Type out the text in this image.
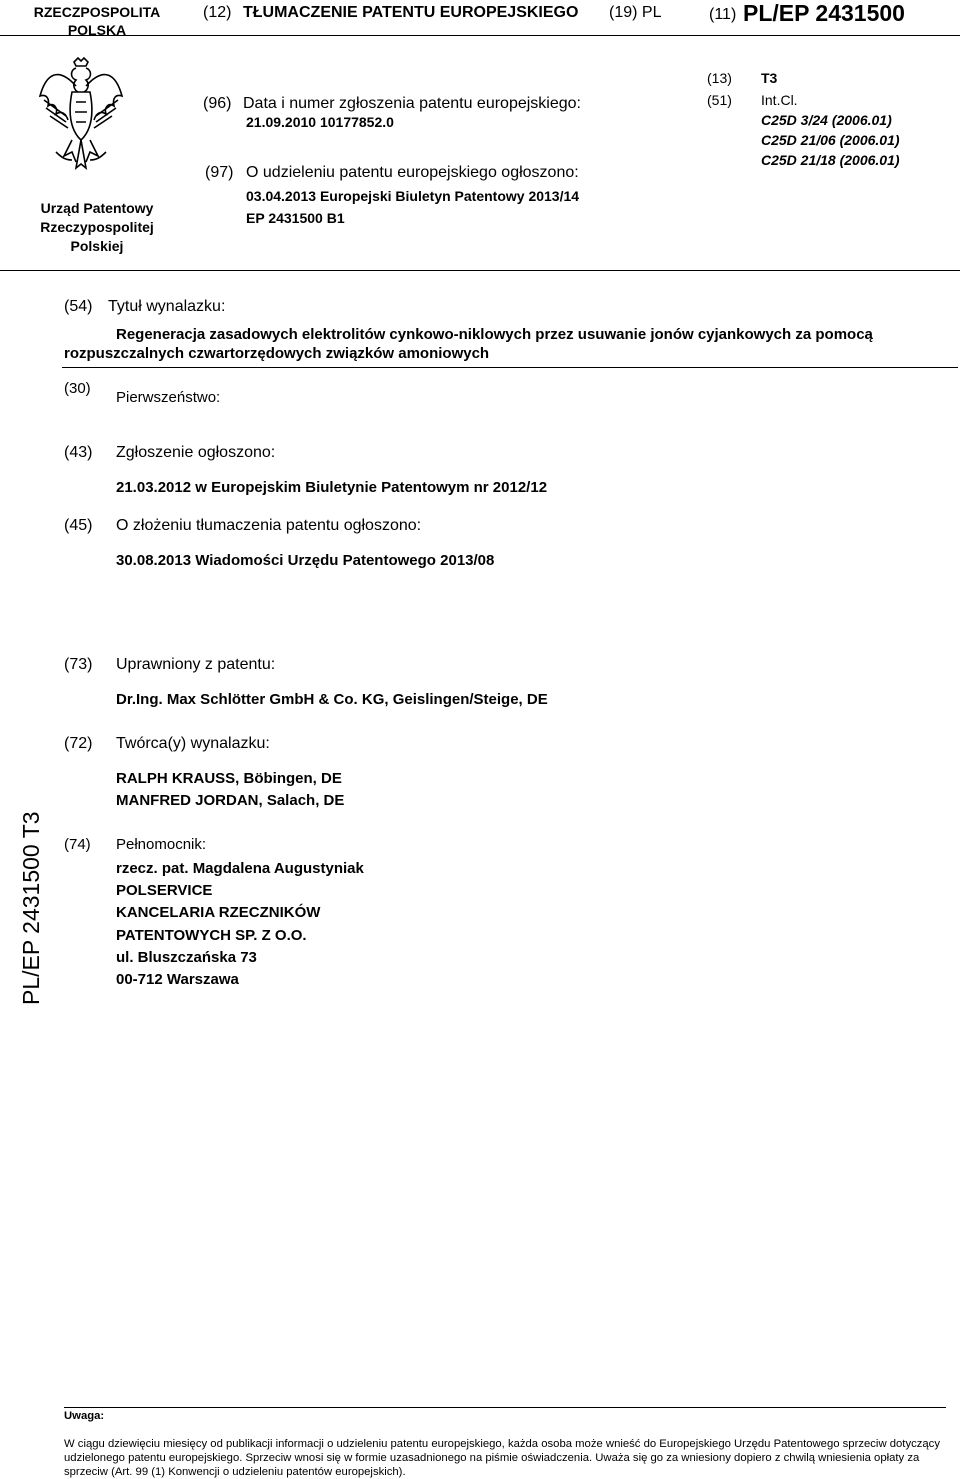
RZECZPOSPOLITA POLSKA
(12) TŁUMACZENIE PATENTU EUROPEJSKIEGO (19) PL	(11) PL/EP 2431500
Urząd Patentowy
Rzeczypospolitej
Polskiej
(96) Data i numer zgłoszenia patentu europejskiego:
21.09.2010 10177852.0
(97) O udzieleniu patentu europejskiego ogłoszono:
03.04.2013 Europejski Biuletyn Patentowy 2013/14
EP 2431500 B1
(13) T3
(51) Int.Cl.
C25D 3/24 (2006.01)
C25D 21/06 (2006.01)
C25D 21/18 (2006.01)
(54) Tytuł wynalazku:
Regeneracja zasadowych elektrolitów cynkowo-niklowych przez usuwanie jonów cyjankowych za pomocą
rozpuszczalnych czwartorzędowych związków amoniowych
(30)
Pierwszeństwo:
(43) Zgłoszenie ogłoszono:
21.03.2012 w Europejskim Biuletynie Patentowym nr 2012/12
(45) O złożeniu tłumaczenia patentu ogłoszono:
30.08.2013 Wiadomości Urzędu Patentowego 2013/08
(73) Uprawniony z patentu:
Dr.Ing. Max Schlötter GmbH & Co. KG, Geislingen/Steige, DE
(72) Twórca(y) wynalazku:
RALPH KRAUSS, Böbingen, DE
MANFRED JORDAN, Salach, DE
(74) Pełnomocnik:
rzecz. pat. Magdalena Augustyniak
POLSERVICE
KANCELARIA RZECZNIKÓW
PATENTOWYCH SP. Z O.O.
ul. Bluszczańska 73
00-712 Warszawa
PL/EP 2431500 T3
Uwaga:
W ciągu dziewięciu miesięcy od publikacji informacji o udzieleniu patentu europejskiego, każda osoba może wnieść do Europejskiego Urzędu Patentowego sprzeciw dotyczący udzielonego patentu europejskiego. Sprzeciw wnosi się w formie uzasadnionego na piśmie oświadczenia. Uważa się go za wniesiony dopiero z chwilą wniesienia opłaty za sprzeciw (Art. 99 (1) Konwencji o udzieleniu patentów europejskich).
